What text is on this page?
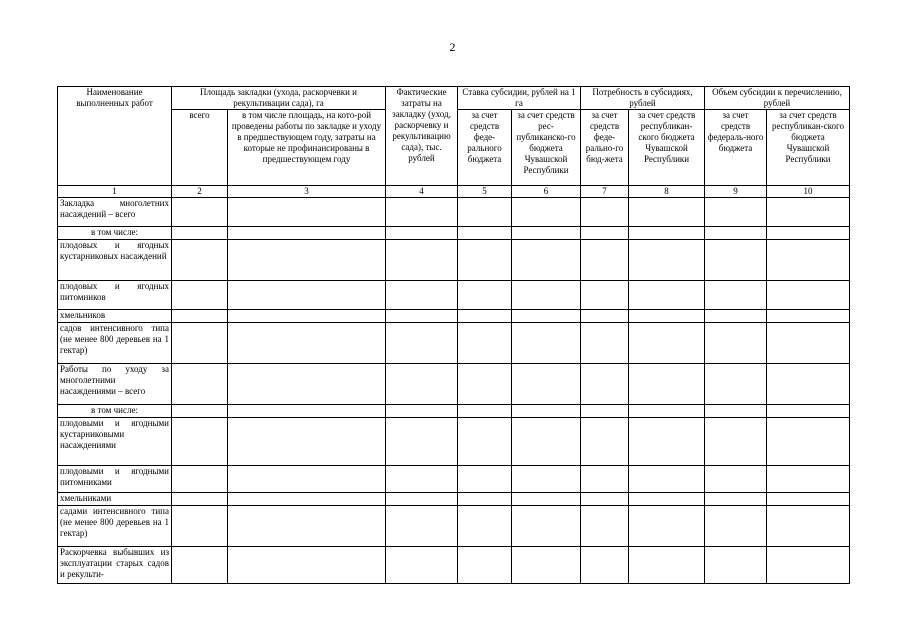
2
Наименование выполненных работ	Площадь закладки (ухода, раскорчевки и рекультивации сада), га		Фактические затраты на закладку (уход, раскорчевку и рекультивацию сада), тыс. рублей	Ставка субсидии, рублей на 1 га		Потребность в субсидиях, рублей		Объем субсидии к перечислению, рублей	
	всего	в том числе площадь, на кото-рой проведены работы по закладке и уходу в предшествующем году, затраты на которые не профинансированы в предшествующем году		за счет средств феде-рального бюджета	за счет средств рес-публиканско-го бюджета Чувашской Республики	за счет средств феде-рально-го бюд-жета	за счет средств республикан-ского бюджета Чувашской Республики	за счет средств федераль-ного бюджета	за счет средств республикан-ского бюджета Чувашской Республики
1	2	3	4	5	6	7	8	9	10
Закладка многолетних насаждений – всего									
в том числе:									
плодовых и ягодных кустарниковых насаждений									
плодовых и ягодных питомников									
хмельников									
садов интенсивного типа (не менее 800 деревьев на 1 гектар)									
Работы по уходу за многолетними насаждениями – всего									
в том числе:									
плодовыми и ягодными кустарниковыми насаждениями									
плодовыми и ягодными питомниками									
хмельниками									
садами интенсивного типа (не менее 800 деревьев на 1 гектар)									
Раскорчевка выбывших из эксплуатации старых садов и рекульти-									
